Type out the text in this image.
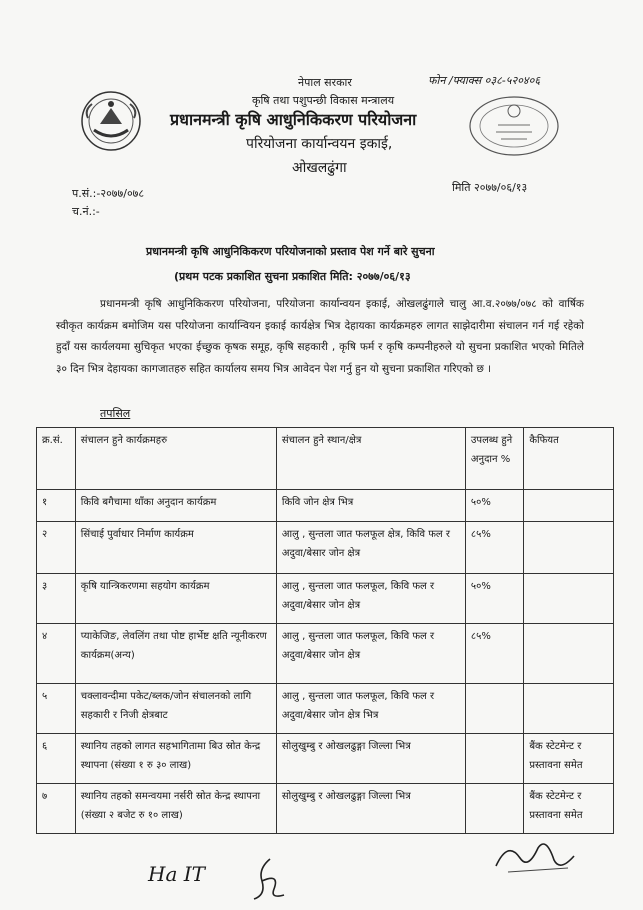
नेपाल सरकार	फोन /फ्याक्स ०३८-५२०४०६
कृषि तथा पशुपन्छी विकास मन्त्रालय
प्रधानमन्त्री कृषि आधुनिकिकरण परियोजना
परियोजना कार्यान्वयन इकाई,
ओखलढुंगा
प.सं.:-२०७७/०७८
च.नं.:-
मिति २०७७/०६/१३
प्रधानमन्त्री कृषि आधुनिकिकरण परियोजनाको प्रस्ताव पेश गर्ने बारे सुचना
(प्रथम पटक प्रकाशित सुचना प्रकाशित मिति: २०७७/०६/१३
प्रधानमन्त्री कृषि आधुनिकिकरण परियोजना, परियोजना कार्यान्वयन इकाई, ओखलढुंगाले चालु आ.व.२०७७/०७८ को वार्षिक स्वीकृत कार्यक्रम बमोजिम यस परियोजना कार्यान्वियन इकाई कार्यक्षेत्र भित्र देहायका कार्यक्रमहरु लागत साझेदारीमा संचालन गर्न गई रहेको हुदाँ यस कार्यलयमा सुचिकृत भएका ईच्छुक कृषक समूह, कृषि सहकारी , कृषि फर्म र कृषि कम्पनीहरुले यो सुचना प्रकाशित भएको मितिले ३० दिन भित्र देहायका कागजातहरु सहित कार्यालय समय भित्र आवेदन पेश गर्नु हुन यो सुचना प्रकाशित गरिएको छ ।
तपसिल
क्र.सं.	संचालन हुने कार्यक्रमहरु	संचालन हुने स्थान/क्षेत्र	उपलब्ध हुने अनुदान %	कैफियत
१	किवि बगैचामा थाँका अनुदान कार्यक्रम	किवि जोन क्षेत्र भित्र	५०%	
२	सिंचाई पुर्वाधार निर्माण कार्यक्रम	आलु , सुन्तला जात फलफूल क्षेत्र, किवि फल र अदुवा/बेसार जोन क्षेत्र	८५%	
३	कृषि यान्त्रिकरणमा सहयोग कार्यक्रम	आलु , सुन्तला जात फलफूल, किवि फल र अदुवा/बेसार जोन क्षेत्र	५०%	
४	प्याकेजिङ, लेवलिंग तथा पोष्ट हार्भेष्ट क्षति न्यूनीकरण कार्यक्रम(अन्य)	आलु , सुन्तला जात फलफूल, किवि फल र अदुवा/बेसार जोन क्षेत्र	८५%	
५	चक्लावन्दीमा पकेट/ब्लक/जोन संचालनको लागि सहकारी र निजी क्षेत्रबाट	आलु , सुन्तला जात फलफूल, किवि फल र अदुवा/बेसार जोन क्षेत्र भित्र		
६	स्थानिय तहको लागत सहभागितामा बिउ स्रोत केन्द्र स्थापना (संख्या १ रु ३० लाख)	सोलुखुम्बु र ओखलढुङ्गा जिल्ला भित्र		बैंक स्टेटमेन्ट र प्रस्तावना समेत
७	स्थानिय तहको समन्वयमा नर्सरी स्रोत केन्द्र स्थापना (संख्या २ बजेट रु १० लाख)	सोलुखुम्बु र ओखलढुङ्गा जिल्ला भित्र		बैंक स्टेटमेन्ट र प्रस्तावना समेत
Ha IT
